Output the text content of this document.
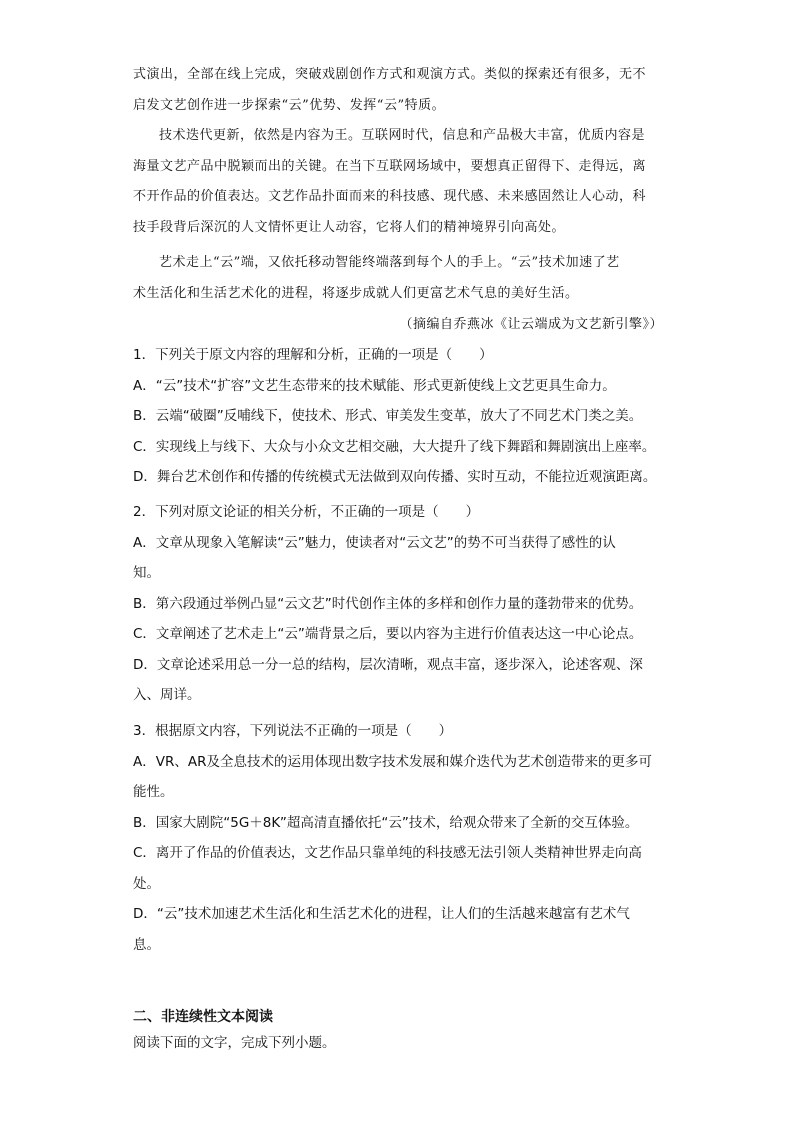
式演出，全部在线上完成，突破戏剧创作方式和观演方式。类似的探索还有很多，无不
启发文艺创作进一步探索“云”优势、发挥“云”特质。

技术迭代更新，依然是内容为王。互联网时代，信息和产品极大丰富，优质内容是
海量文艺产品中脱颖而出的关键。在当下互联网场域中，要想真正留得下、走得远，离
不开作品的价值表达。文艺作品扑面而来的科技感、现代感、未来感固然让人心动，科
技手段背后深沉的人文情怀更让人动容，它将人们的精神境界引向高处。

艺术走上“云”端，又依托移动智能终端落到每个人的手上。“云”技术加速了艺
术生活化和生活艺术化的进程，将逐步成就人们更富艺术气息的美好生活。

（摘编自乔燕冰《让云端成为文艺新引擎》）
1．下列关于原文内容的理解和分析，正确的一项是（　　）
A．“云”技术“扩容”文艺生态带来的技术赋能、形式更新使线上文艺更具生命力。
B．云端“破圈”反哺线下，使技术、形式、审美发生变革，放大了不同艺术门类之美。
C．实现线上与线下、大众与小众文艺相交融，大大提升了线下舞蹈和舞剧演出上座率。
D．舞台艺术创作和传播的传统模式无法做到双向传播、实时互动，不能拉近观演距离。
2．下列对原文论证的相关分析，不正确的一项是（　　）
A．文章从现象入笔解读“云”魅力，使读者对“云文艺”的势不可当获得了感性的认
知。
B．第六段通过举例凸显“云文艺”时代创作主体的多样和创作力量的蓬勃带来的优势。
C．文章阐述了艺术走上“云”端背景之后，要以内容为主进行价值表达这一中心论点。
D．文章论述采用总一分一总的结构，层次清晰，观点丰富，逐步深入，论述客观、深
入、周详。
3．根据原文内容，下列说法不正确的一项是（　　）
A．VR、AR及全息技术的运用体现出数字技术发展和媒介迭代为艺术创造带来的更多可
能性。
B．国家大剧院“5G＋8K”超高清直播依托“云”技术，给观众带来了全新的交互体验。
C．离开了作品的价值表达，文艺作品只靠单纯的科技感无法引领人类精神世界走向高
处。
D．“云”技术加速艺术生活化和生活艺术化的进程，让人们的生活越来越富有艺术气
息。
二、非连续性文本阅读
阅读下面的文字，完成下列小题。
